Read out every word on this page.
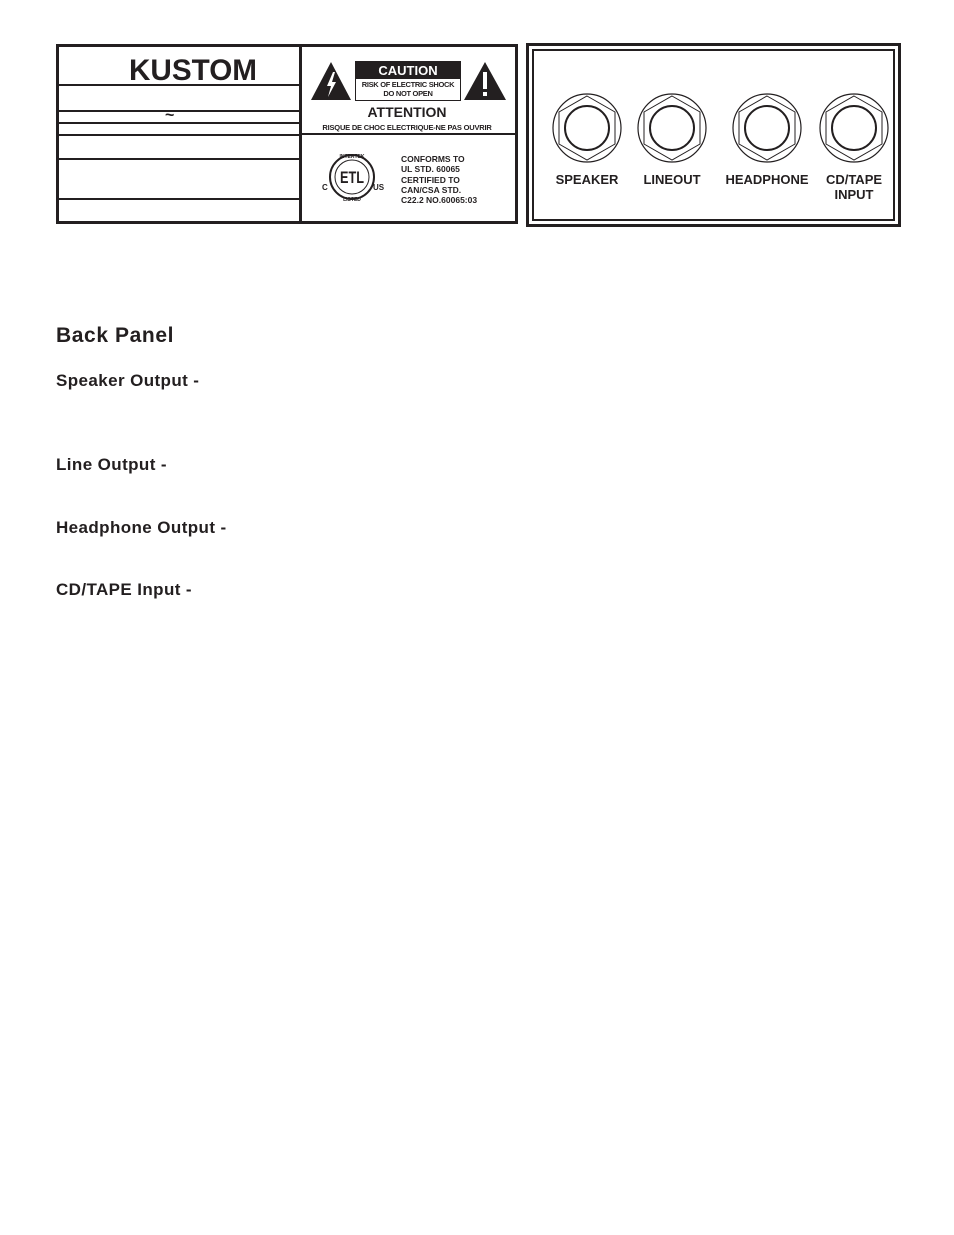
KUSTOM
~
CAUTION
RISK OF ELECTRIC SHOCK
DO NOT OPEN
ATTENTION
RISQUE DE CHOC ELECTRIQUE-NE PAS OUVRIR
INTERTEK
ETL
LISTED
C	US
CONFORMS TO
UL STD. 60065
CERTIFIED TO
CAN/CSA STD.
C22.2 NO.60065:03
SPEAKER	LINEOUT	HEADPHONE	CD/TAPE
INPUT
Back Panel
Speaker Output -
Line Output -
Headphone Output -
CD/TAPE Input -
